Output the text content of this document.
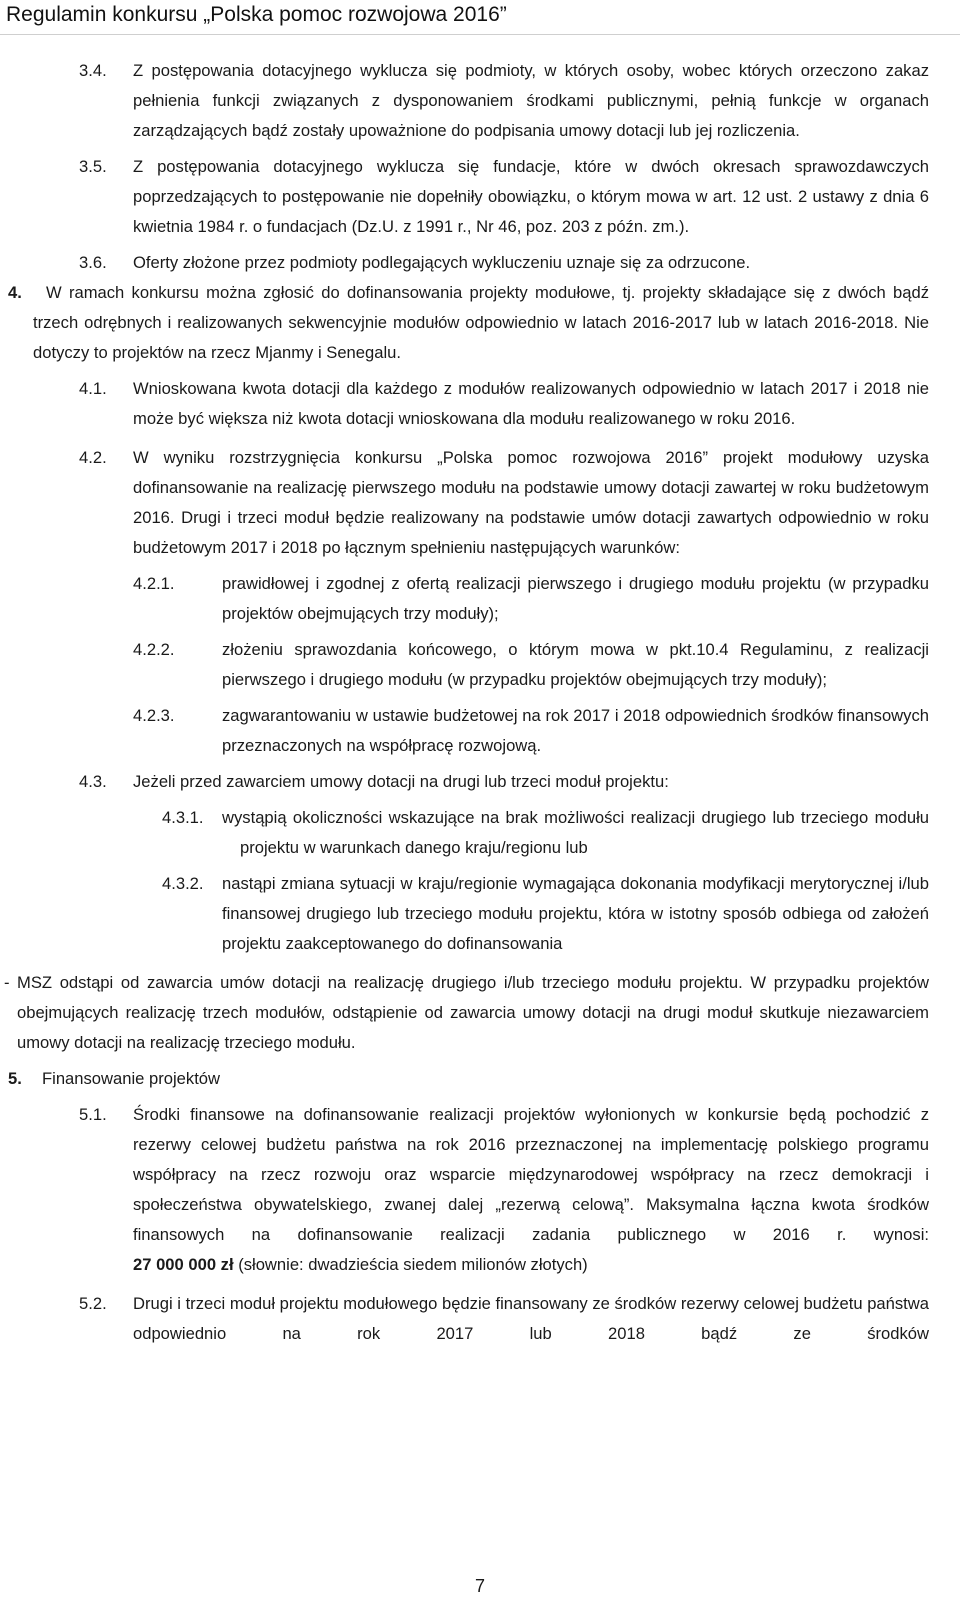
Regulamin konkursu „Polska pomoc rozwojowa 2016”
3.4. Z postępowania dotacyjnego wyklucza się podmioty, w których osoby, wobec których orzeczono zakaz pełnienia funkcji związanych z dysponowaniem środkami publicznymi, pełnią funkcje w organach zarządzających bądź zostały upoważnione do podpisania umowy dotacji lub jej rozliczenia.
3.5. Z postępowania dotacyjnego wyklucza się fundacje, które w dwóch okresach sprawozdawczych poprzedzających to postępowanie nie dopełniły obowiązku, o którym mowa w art. 12 ust. 2 ustawy z dnia 6 kwietnia 1984 r. o fundacjach (Dz.U. z 1991 r., Nr 46, poz. 203 z późn. zm.).
3.6. Oferty złożone przez podmioty podlegających wykluczeniu uznaje się za odrzucone.
4.	W ramach konkursu można zgłosić do dofinansowania projekty modułowe, tj. projekty składające się z dwóch bądź trzech odrębnych i realizowanych sekwencyjnie modułów odpowiednio w latach 2016-2017 lub w latach 2016-2018. Nie dotyczy to projektów na rzecz Mjanmy i Senegalu.
4.1. Wnioskowana kwota dotacji dla każdego z modułów realizowanych odpowiednio w latach 2017 i 2018 nie może być większa niż kwota dotacji wnioskowana dla modułu realizowanego w roku 2016.
4.2. W wyniku rozstrzygnięcia konkursu „Polska pomoc rozwojowa 2016” projekt modułowy uzyska dofinansowanie na realizację pierwszego modułu na podstawie umowy dotacji zawartej w roku budżetowym 2016. Drugi i trzeci moduł będzie realizowany na podstawie umów dotacji zawartych odpowiednio w roku budżetowym 2017 i 2018 po łącznym spełnieniu następujących warunków:
4.2.1.	prawidłowej i zgodnej z ofertą realizacji pierwszego i drugiego modułu projektu (w przypadku projektów obejmujących trzy moduły);
4.2.2.	złożeniu sprawozdania końcowego, o którym mowa w pkt.10.4 Regulaminu, z realizacji pierwszego i drugiego modułu (w przypadku projektów obejmujących trzy moduły);
4.2.3.	zagwarantowaniu w ustawie budżetowej na rok 2017 i 2018 odpowiednich środków finansowych przeznaczonych na współpracę rozwojową.
4.3. Jeżeli przed zawarciem umowy dotacji na drugi lub trzeci moduł projektu:
4.3.1. wystąpią okoliczności wskazujące na brak możliwości realizacji drugiego lub trzeciego modułu projektu w warunkach danego kraju/regionu lub
4.3.2. nastąpi zmiana sytuacji w kraju/regionie wymagająca dokonania modyfikacji merytorycznej i/lub finansowej drugiego lub trzeciego modułu projektu, która w istotny sposób odbiega od założeń projektu zaakceptowanego do dofinansowania
- MSZ odstąpi od zawarcia umów dotacji na realizację drugiego i/lub trzeciego modułu projektu. W przypadku projektów obejmujących realizację trzech modułów, odstąpienie od zawarcia umowy dotacji na drugi moduł skutkuje niezawarciem umowy dotacji na realizację trzeciego modułu.
5. Finansowanie projektów
5.1. Środki finansowe na dofinansowanie realizacji projektów wyłonionych w konkursie będą pochodzić z rezerwy celowej budżetu państwa na rok 2016 przeznaczonej na implementację polskiego programu współpracy na rzecz rozwoju oraz wsparcie międzynarodowej współpracy na rzecz demokracji i społeczeństwa obywatelskiego, zwanej dalej „rezerwą celową”. Maksymalna łączna kwota środków finansowych na dofinansowanie realizacji zadania publicznego w 2016 r. wynosi:
27 000 000 zł (słownie: dwadzieścia siedem milionów złotych)
5.2. Drugi i trzeci moduł projektu modułowego będzie finansowany ze środków rezerwy celowej budżetu państwa odpowiednio na rok 2017 lub 2018 bądź ze środków
7
